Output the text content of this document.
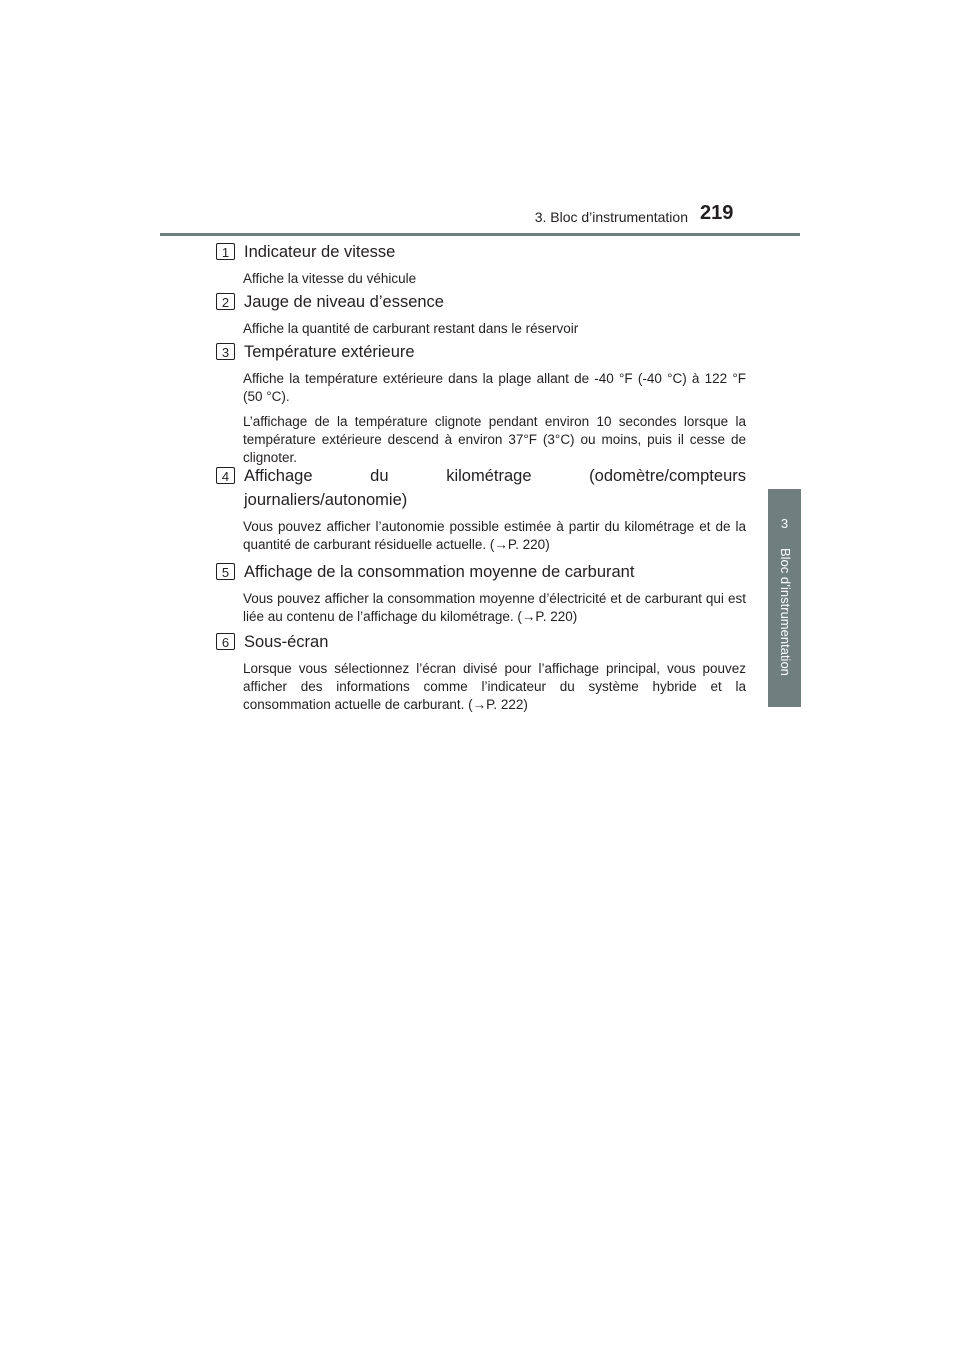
3. Bloc d’instrumentation 219
3
Bloc d’instrumentation
1 Indicateur de vitesse

Affiche la vitesse du véhicule

2 Jauge de niveau d’essence

Affiche la quantité de carburant restant dans le réservoir

3 Température extérieure

Affiche la température extérieure dans la plage allant de -40 °F (-40 °C) à 122 °F (50 °C).

L’affichage de la température clignote pendant environ 10 secondes lorsque la température extérieure descend à environ 37°F (3°C) ou moins, puis il cesse de clignoter.

4 Affichage du kilométrage (odomètre/compteurs journaliers/autonomie)

Vous pouvez afficher l’autonomie possible estimée à partir du kilométrage et de la quantité de carburant résiduelle actuelle. (→P. 220)

5 Affichage de la consommation moyenne de carburant

Vous pouvez afficher la consommation moyenne d’électricité et de carburant qui est liée au contenu de l’affichage du kilométrage. (→P. 220)

6 Sous-écran

Lorsque vous sélectionnez l’écran divisé pour l’affichage principal, vous pouvez afficher des informations comme l’indicateur du système hybride et la consommation actuelle de carburant. (→P. 222)
